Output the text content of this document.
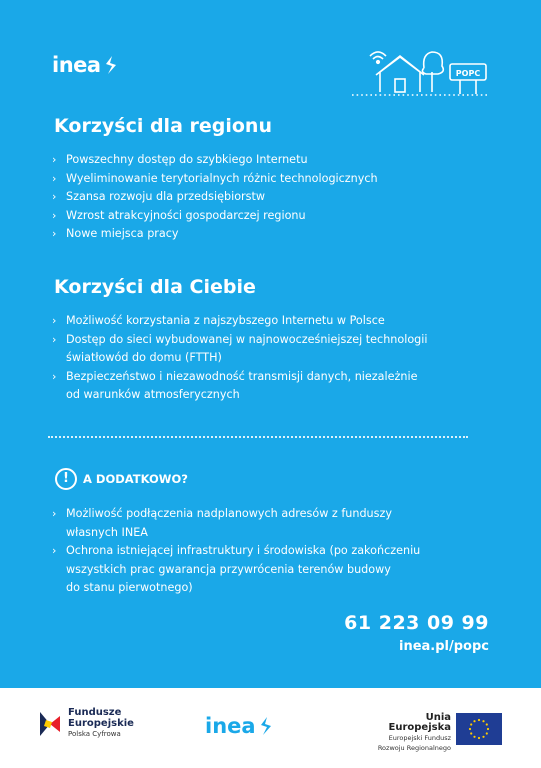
inea	POPC
Korzyści dla regionu
› Powszechny dostęp do szybkiego Internetu
› Wyeliminowanie terytorialnych różnic technologicznych
› Szansa rozwoju dla przedsiębiorstw
› Wzrost atrakcyjności gospodarczej regionu
› Nowe miejsca pracy
Korzyści dla Ciebie
› Możliwość korzystania z najszybszego Internetu w Polsce
› Dostęp do sieci wybudowanej w najnowocześniejszej technologii
światłowód do domu (FTTH)
› Bezpieczeństwo i niezawodność transmisji danych, niezależnie
od warunków atmosferycznych
!	A DODATKOWO?
› Możliwość podłączenia nadplanowych adresów z funduszy
własnych INEA
› Ochrona istniejącej infrastruktury i środowiska (po zakończeniu
wszystkich prac gwarancja przywrócenia terenów budowy
do stanu pierwotnego)
61 223 09 99
inea.pl/popc
Fundusze
Europejskie
Polska Cyfrowa	inea	Unia Europejska
Europejski Fundusz
Rozwoju Regionalnego
